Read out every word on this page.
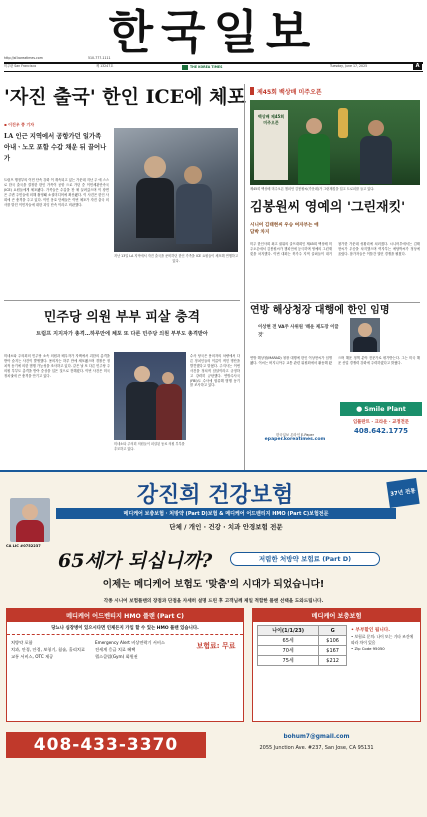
한국일보
http://sf.koreatimes.com	510-777-1111
미주판 San Francisco	제 13247호	THE KOREA TIMES	Tuesday, June 17, 2025	A
'자진 출국' 한인 ICE에 체포
▪ 이진우 종 기자
LA 인근 지역에서 공항가던 일가족 아내ㆍ노모 포함 수갑 채운 뒤 끌어나가
트럼프 행정부의 이민 단속 강화 이 계속되고 있는 가운데 지난 주 에 스스로 한국 출국을 결정한 한인 가족이 공항 으로 가던 중 이민세관단속국(ICE) 요원들에게 체포됐다. 가족들은 수갑을 찬 채 끌려갔으며 이 장면 은 주변 주민들에 의해 촬영돼 소셜미디어에 확산됐다. 이 사건은 한인 사회에 큰 충격을 주고 있다. 이민 옹호 단체들은 이번 체포가 자진 출국 의사를 밝힌 이민자들에 대한 과잉 단속 이라고 비판했다.
지난 13일 LA 지역에서 자진 출국을 준비하던 한인 가족을 ICE 요원들이 체포해 연행하고 있다.
제45회 백상배 미주오픈
백상배 제45회 미주오픈
제45회 백상배 미주오픈 챔피언 김봉원씨(가운데)가 그린재킷을 입고 트로피를 들고 있다.
김봉원씨 영예의 '그린재킷'
시니어 김태현씨 우승 여자부는 애담박 차지
미주 한인사회 최고 권위의 골프대회인 제45회 백상배 미주오픈에서 김봉원씨가 챔피언에 등극하며 영예의 그린재킷을 차지했다. 이번 대회는 북가주 지역 골퍼들이 대거 참가한 가운데 성황리에 치러졌다. 시니어부에서는 김태현씨가 우승을 차지했으며 여자부는 애담박씨가 정상에 올랐다. 참가자들은 이틀간 열띤 경쟁을 펼쳤다.
민주당 의원 부부 피살 충격
트럼프 지지자가 총격…하루만에 체포 또 다른 민주당 의원 부부도 총격받아
미네소타 주의회의 민주당 소속 의원과 배우자가 자택에서 괴한의 총격을 받아 숨지는 사건이 발생했다. 용의자는 하루 만에 체포됐으며 경찰은 정치적 동기에 의한 범행 가능성을 조사하고 있다. 같은 날 또 다른 민주당 주의원 부부도 총격을 받아 중상을 입은 것으로 전해졌다. 이번 사건은 미국 정치권에 큰 충격을 안기고 있다.
미네소타 주의회 의원들이 피살된 동료 의원 부부를 추모하고 있다.
수사 당국은 용의자의 차량에서 다른 정치인들의 이름이 적힌 명단을 발견했다고 밝혔다. 주지사는 이번 사건을 정치적 암살이라고 규정하고 강력히 규탄했다. 연방수사국(FBI)도 수사에 합류해 범행 동기를 조사하고 있다.
연방 해상청장 대행에 한인 임명
이상현 전 VA주 사위원 '해운 제도장 이끌 것'
연방 해상청(MARAD) 청장 대행에 한인 이상현씨가 임명됐다. 이씨는 버지니아주 교통 관련 위원회에서 활동해 왔으며 해운 정책 분야 전문가로 평가받는다. 그는 미국 해운 산업 경쟁력 강화에 주력하겠다고 밝혔다.
● Smile Plant
임플란트 · 크라운 · 교정전문
408.642.1775
한국일보 온라인 E-Paper
epaper.koreatimes.com
CA LIC #0752237
강진희 건강보험	37년 전통
메디케어 보충보험 · 처방약 (Part D)보험 & 메디케어 어드밴티지 HMO (Part C)보험전문
단체 / 개인 · 건강 · 치과 안경보험 전문
65세가 되십니까?	저렴한 처방약 보험료 (Part D)
이제는 메디케어 보험도 '맞춤'의 시대가 되었습니다!
각종 시니어 보험플랜의 장점과 단점을 자세히 설명 드린 후 고객님께 제일 적합한 플랜 선택을 도와드립니다.
메디케어 어드벤티지 HMO 플랜 (Part C)
당뇨나 심장병이 있으시다면 인제든지 가입 할 수 있는 HMO 플랜 있습니다.
처방약 포함
치과, 안경, 안경, 보청기, 침술, 홀리치료
교통 서비스, OTC 제공
Emergency Alert 비상연락기 서비스
전세계 응급 치료 혜택
헬스클럽(Gym) 회원권
보험료: 무료
메디케어 보충보험
나이(1/1/23)	G
65세	$106
70세	$167
75세	$212
• 부부할인 됩니다.
• 보험료 문의: 나이 또는 기타 조건에 따라 차이 있음
• Zip Code 95050
408-433-3370	bohum7@gmail.com
2055 Junction Ave. #237, San Jose, CA 95131
